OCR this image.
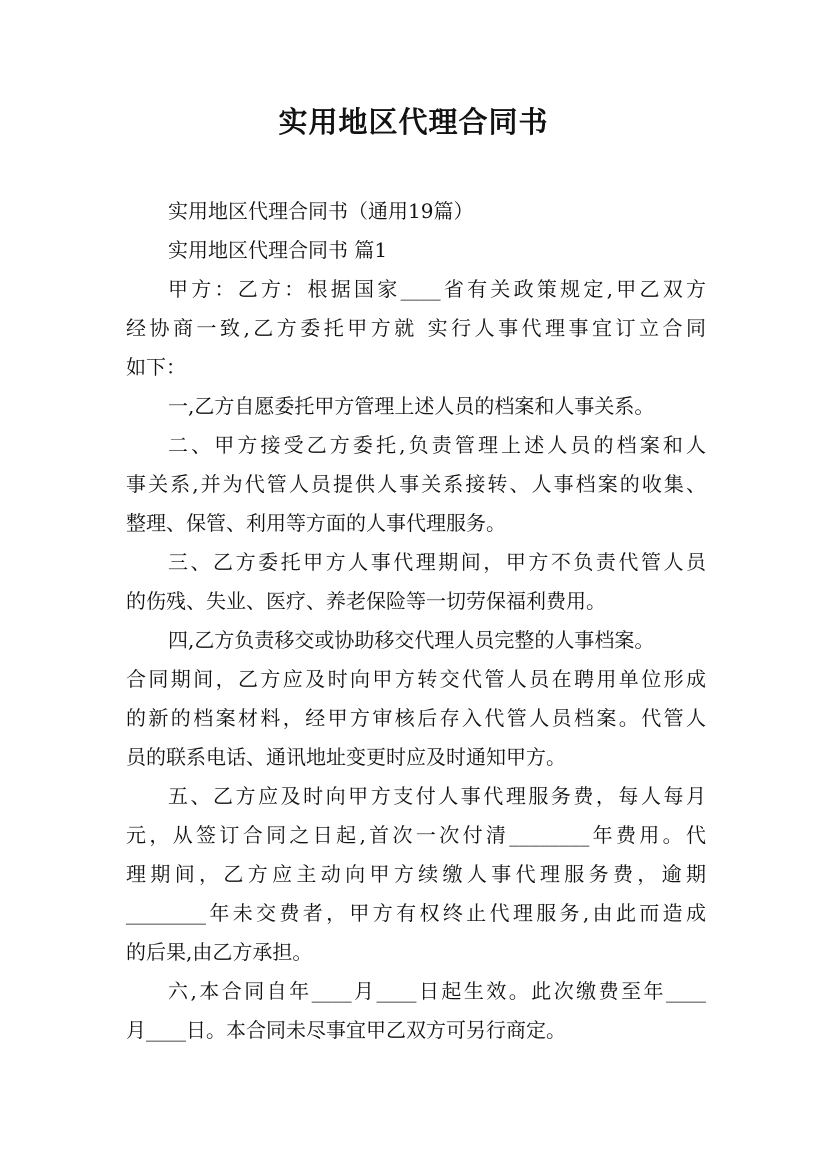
实用地区代理合同书
实用地区代理合同书（通用19篇）
实用地区代理合同书 篇1
甲方：乙方：根据国家____省有关政策规定,甲乙双方
经协商一致,乙方委托甲方就 实行人事代理事宜订立合同
如下：
一,乙方自愿委托甲方管理上述人员的档案和人事关系。
二、甲方接受乙方委托,负责管理上述人员的档案和人
事关系,并为代管人员提供人事关系接转、人事档案的收集、
整理、保管、利用等方面的人事代理服务。
三、乙方委托甲方人事代理期间，甲方不负责代管人员
的伤残、失业、医疗、养老保险等一切劳保福利费用。
四,乙方负责移交或协助移交代理人员完整的人事档案。
合同期间，乙方应及时向甲方转交代管人员在聘用单位形成
的新的档案材料，经甲方审核后存入代管人员档案。代管人
员的联系电话、通讯地址变更时应及时通知甲方。
五、乙方应及时向甲方支付人事代理服务费，每人每月
元，从签订合同之日起,首次一次付清________年费用。代
理期间，乙方应主动向甲方续缴人事代理服务费，逾期
________年未交费者，甲方有权终止代理服务,由此而造成
的后果,由乙方承担。
六,本合同自年____月____日起生效。此次缴费至年____
月____日。本合同未尽事宜甲乙双方可另行商定。
